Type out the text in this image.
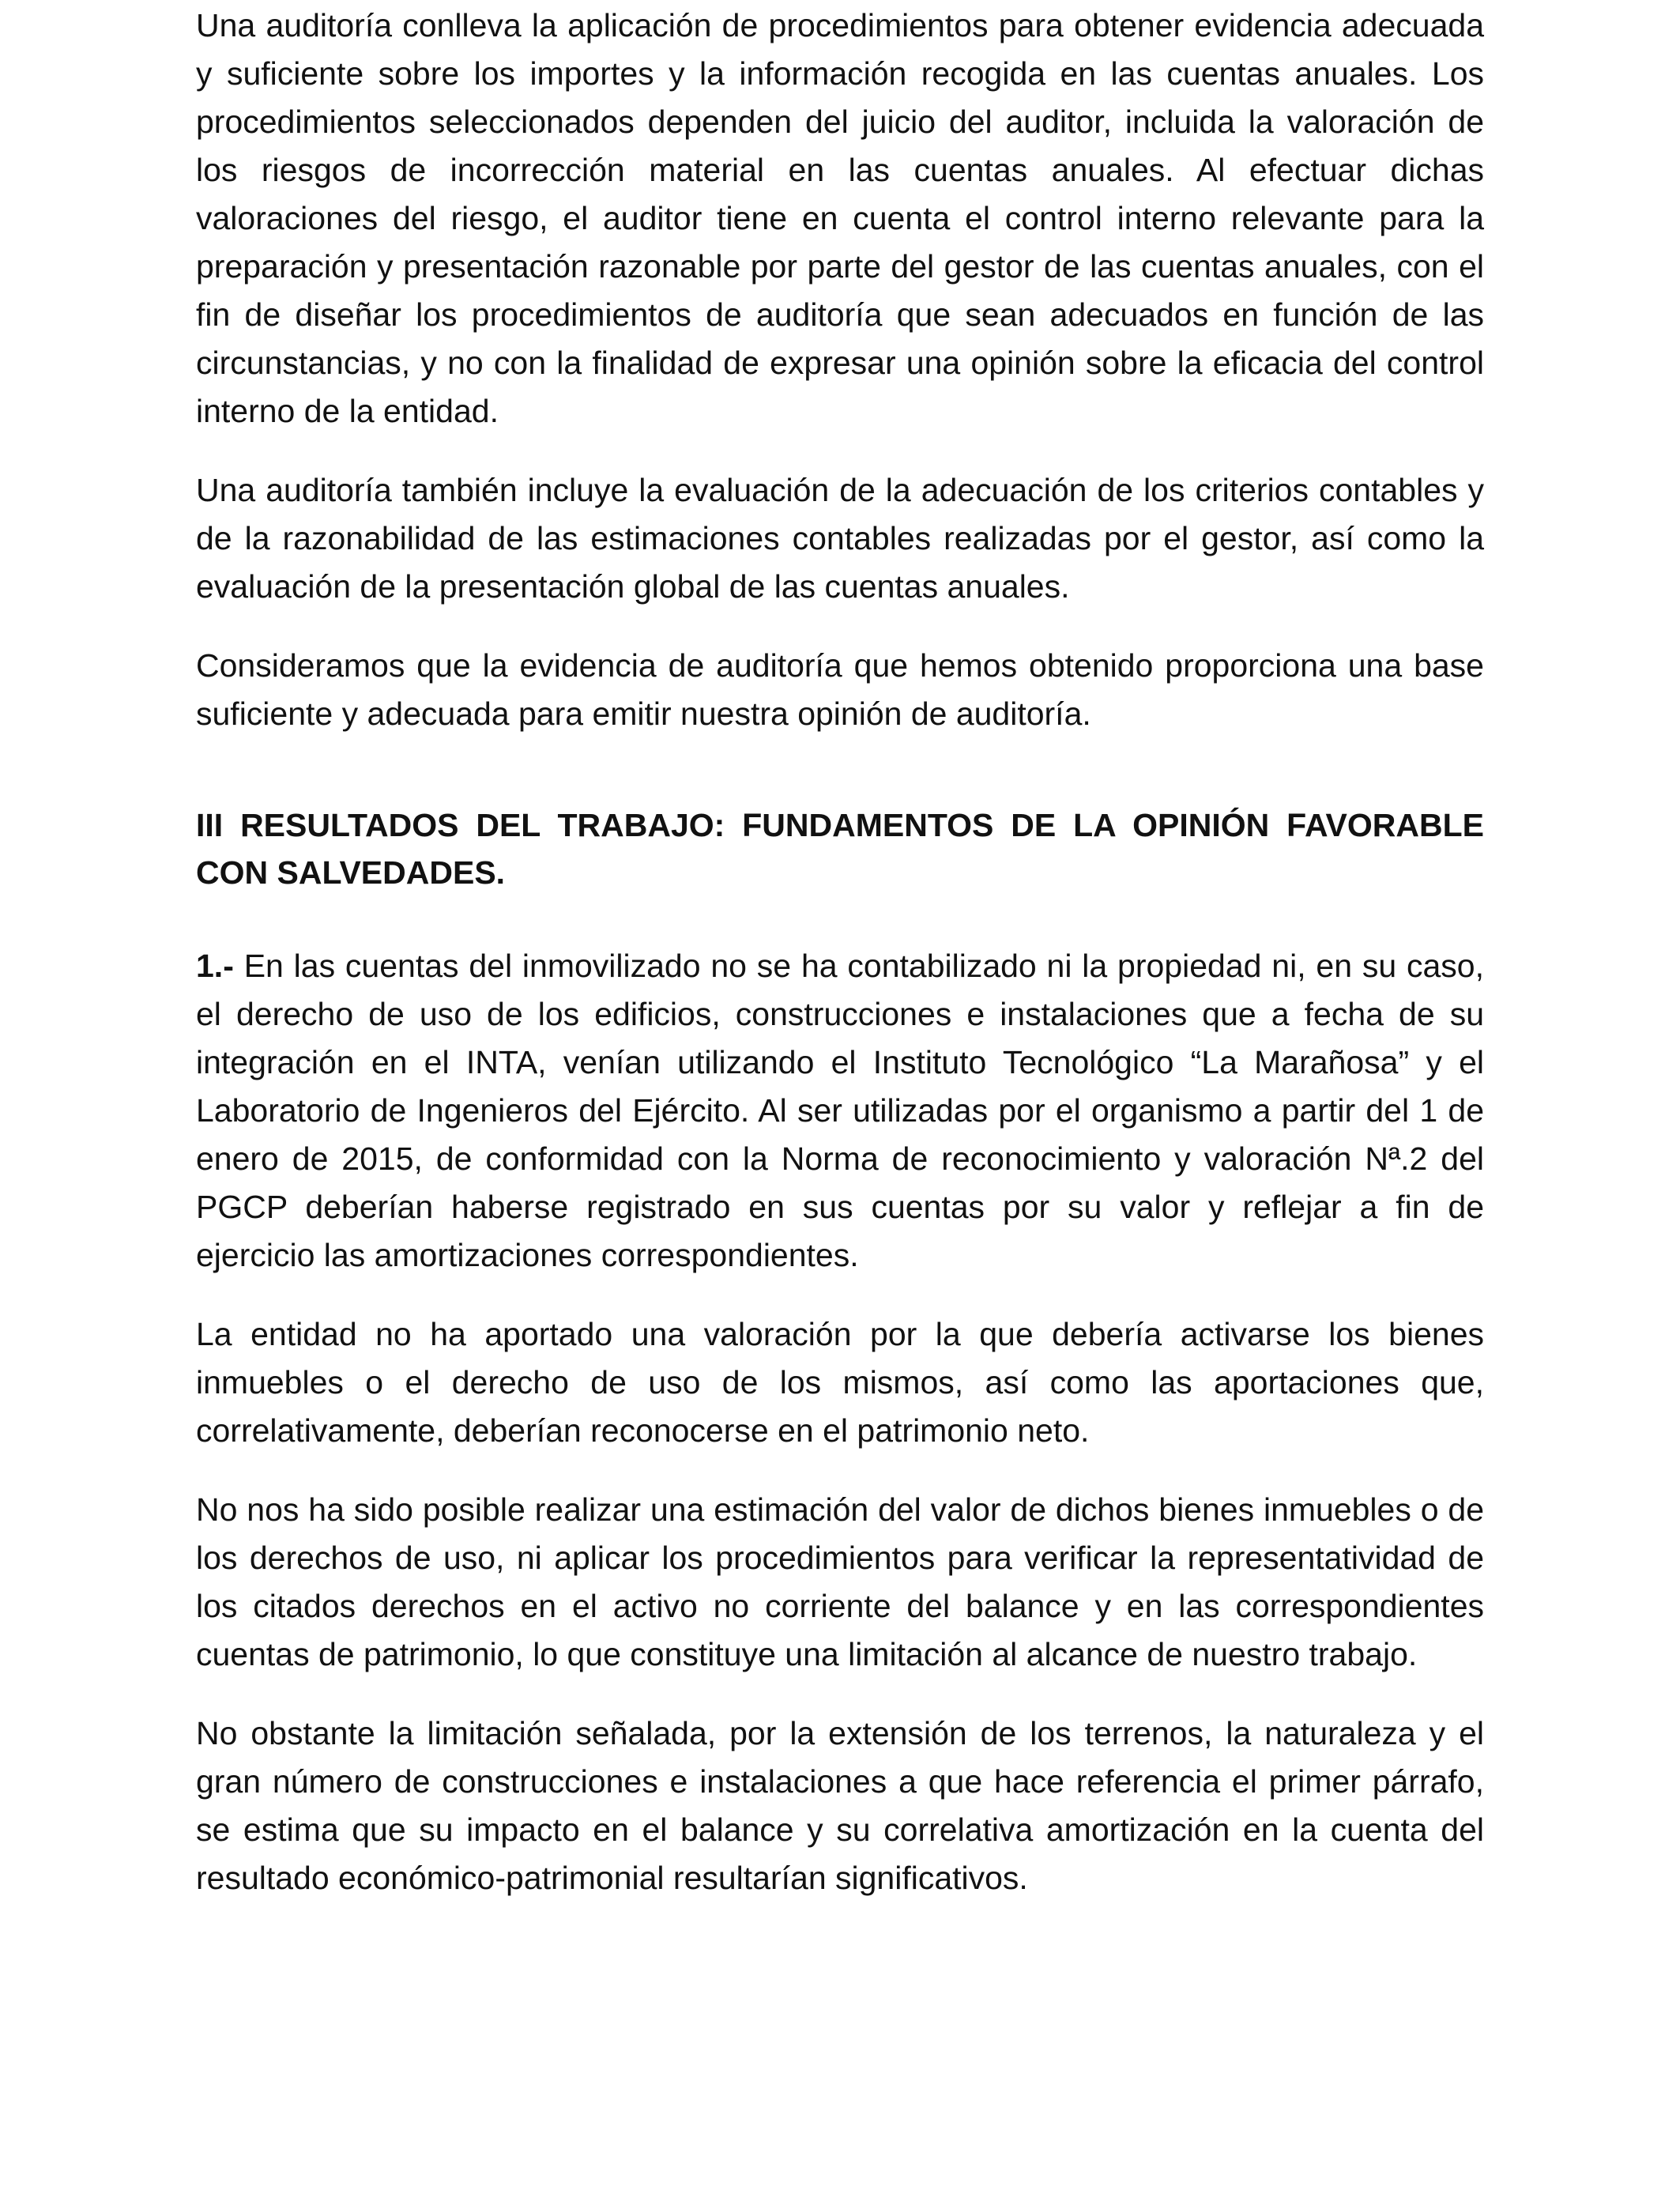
Una auditoría conlleva la aplicación de procedimientos para obtener evidencia adecuada y suficiente sobre los importes y la información recogida en las cuentas anuales. Los procedimientos seleccionados dependen del juicio del auditor, incluida la valoración de los riesgos de incorrección material en las cuentas anuales. Al efectuar dichas valoraciones del riesgo, el auditor tiene en cuenta el control interno relevante para la preparación y presentación razonable por parte del gestor de las cuentas anuales, con el fin de diseñar los procedimientos de auditoría que sean adecuados en función de las circunstancias, y no con la finalidad de expresar una opinión sobre la eficacia del control interno de la entidad.

Una auditoría también incluye la evaluación de la adecuación de los criterios contables y de la razonabilidad de las estimaciones contables realizadas por el gestor, así como la evaluación de la presentación global de las cuentas anuales.

Consideramos que la evidencia de auditoría que hemos obtenido proporciona una base suficiente y adecuada para emitir nuestra opinión de auditoría.

III RESULTADOS DEL TRABAJO: FUNDAMENTOS DE LA OPINIÓN FAVORABLE CON SALVEDADES.

1.- En las cuentas del inmovilizado no se ha contabilizado ni la propiedad ni, en su caso, el derecho de uso de los edificios, construcciones e instalaciones que a fecha de su integración en el INTA, venían utilizando el Instituto Tecnológico “La Marañosa” y el Laboratorio de Ingenieros del Ejército. Al ser utilizadas por el organismo a partir del 1 de enero de 2015, de conformidad con la Norma de reconocimiento y valoración Nª.2 del PGCP deberían haberse registrado en sus cuentas por su valor y reflejar a fin de ejercicio las amortizaciones correspondientes.

La entidad no ha aportado una valoración por la que debería activarse los bienes inmuebles o el derecho de uso de los mismos, así como las aportaciones que, correlativamente, deberían reconocerse en el patrimonio neto.

No nos ha sido posible realizar una estimación del valor de dichos bienes inmuebles o de los derechos de uso, ni aplicar los procedimientos para verificar la representatividad de los citados derechos en el activo no corriente del balance y en las correspondientes cuentas de patrimonio, lo que constituye una limitación al alcance de nuestro trabajo.

No obstante la limitación señalada, por la extensión de los terrenos, la naturaleza y el gran número de construcciones e instalaciones a que hace referencia el primer párrafo, se estima que su impacto en el balance y su correlativa amortización en la cuenta del resultado económico-patrimonial resultarían significativos.
